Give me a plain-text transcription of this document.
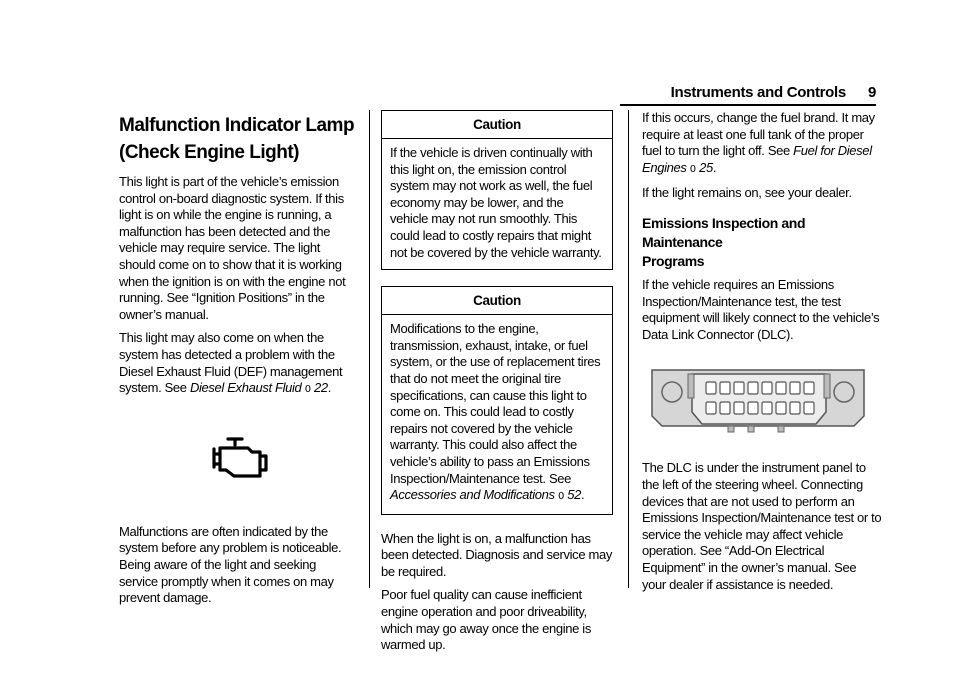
Instruments and Controls 9
Malfunction Indicator Lamp
(Check Engine Light)

This light is part of the vehicle’s emission control on-board diagnostic system. If this light is on while the engine is running, a malfunction has been detected and the vehicle may require service. The light should come on to show that it is working when the ignition is on with the engine not running. See “Ignition Positions” in the owner’s manual.

This light may also come on when the system has detected a problem with the Diesel Exhaust Fluid (DEF) management system. See Diesel Exhaust Fluid 0 22.

Malfunctions are often indicated by the system before any problem is noticeable. Being aware of the light and seeking service promptly when it comes on may prevent damage.

Caution

If the vehicle is driven continually with this light on, the emission control system may not work as well, the fuel economy may be lower, and the vehicle may not run smoothly. This could lead to costly repairs that might not be covered by the vehicle warranty.

Caution

Modifications to the engine, transmission, exhaust, intake, or fuel system, or the use of replacement tires that do not meet the original tire specifications, can cause this light to come on. This could lead to costly repairs not covered by the vehicle warranty. This could also affect the vehicle’s ability to pass an Emissions Inspection/Maintenance test. See Accessories and Modifications 0 52.

When the light is on, a malfunction has been detected. Diagnosis and service may be required.

Poor fuel quality can cause inefficient engine operation and poor driveability, which may go away once the engine is warmed up.

If this occurs, change the fuel brand. It may require at least one full tank of the proper fuel to turn the light off. See Fuel for Diesel Engines 0 25.

If the light remains on, see your dealer.

Emissions Inspection and Maintenance
Programs

If the vehicle requires an Emissions Inspection/Maintenance test, the test equipment will likely connect to the vehicle’s Data Link Connector (DLC).

The DLC is under the instrument panel to the left of the steering wheel. Connecting devices that are not used to perform an Emissions Inspection/Maintenance test or to service the vehicle may affect vehicle operation. See “Add-On Electrical Equipment” in the owner’s manual. See your dealer if assistance is needed.
